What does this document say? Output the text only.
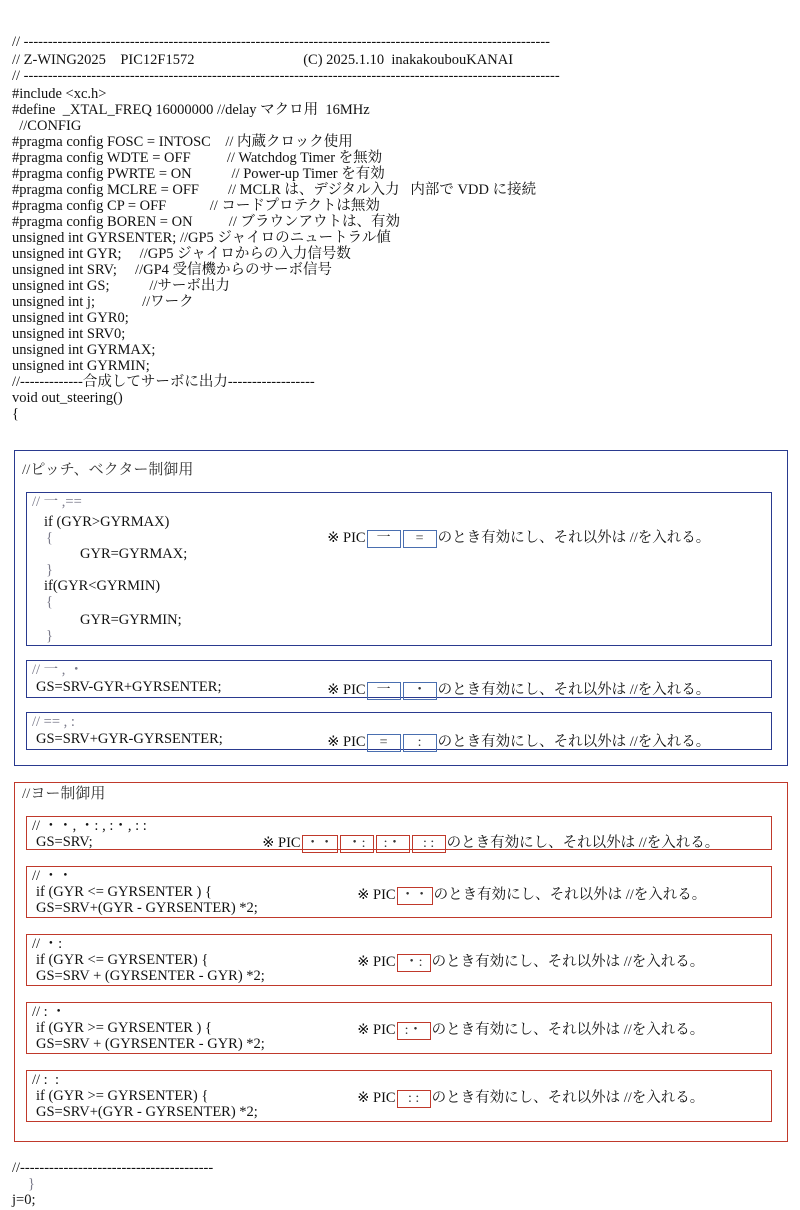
// -------------------------------------------------------------------------------------------------------------
// Z-WING2025    PIC12F1572                              (C) 2025.1.10  inakakoubouKANAI
// ---------------------------------------------------------------------------------------------------------------
#include <xc.h>
#define  _XTAL_FREQ 16000000 //delay マクロ用  16MHz
//CONFIG
#pragma config FOSC = INTOSC    // 内蔵クロック使用
#pragma config WDTE = OFF          // Watchdog Timer を無効
#pragma config PWRTE = ON           // Power-up Timer を有効
#pragma config MCLRE = OFF        // MCLR は、デジタル入力   内部で VDD に接続
#pragma config CP = OFF            // コードプロテクトは無効
#pragma config BOREN = ON          // ブラウンアウトは、有効
unsigned int GYRSENTER; //GP5 ジャイロのニュートラル値
unsigned int GYR;     //GP5 ジャイロからの入力信号数
unsigned int SRV;     //GP4 受信機からのサーボ信号
unsigned int GS;           //サーボ出力
unsigned int j;             //ワーク
unsigned int GYR0;
unsigned int SRV0;
unsigned int GYRMAX;
unsigned int GYRMIN;
//-------------合成してサーボに出力------------------
void out_steering()
{
//ピッチ、ベクター制御用
// 一 ,==
if (GYR>GYRMAX)
{
GYR=GYRMAX;
}
if(GYR<GYRMIN)
{
GYR=GYRMIN;
}

※ PIC 一 = のとき有効にし、それ以外は //を入れる。

// 一 , ・
GS=SRV-GYR+GYRSENTER;	※ PIC 一 ・ のとき有効にし、それ以外は //を入れる。

// == , :
GS=SRV+GYR-GYRSENTER;	※ PIC = : のとき有効にし、それ以外は //を入れる。

//ヨー制御用
// ・・, ・: , :・, : :
GS=SRV;	※ PIC ・・ ・: :・ : : のとき有効にし、それ以外は //を入れる。

// ・・
if (GYR <= GYRSENTER ) {
GS=SRV+(GYR - GYRSENTER) *2;

※ PIC ・・ のとき有効にし、それ以外は //を入れる。

// ・:
if (GYR <= GYRSENTER) {
GS=SRV + (GYRSENTER - GYR) *2;

※ PIC ・: のとき有効にし、それ以外は //を入れる。

// : ・
if (GYR >= GYRSENTER ) {
GS=SRV + (GYRSENTER - GYR) *2;

※ PIC :・ のとき有効にし、それ以外は //を入れる。

// :  :
if (GYR >= GYRSENTER) {
GS=SRV+(GYR - GYRSENTER) *2;

※ PIC : : のとき有効にし、それ以外は //を入れる。

//----------------------------------------
}
j=0;
